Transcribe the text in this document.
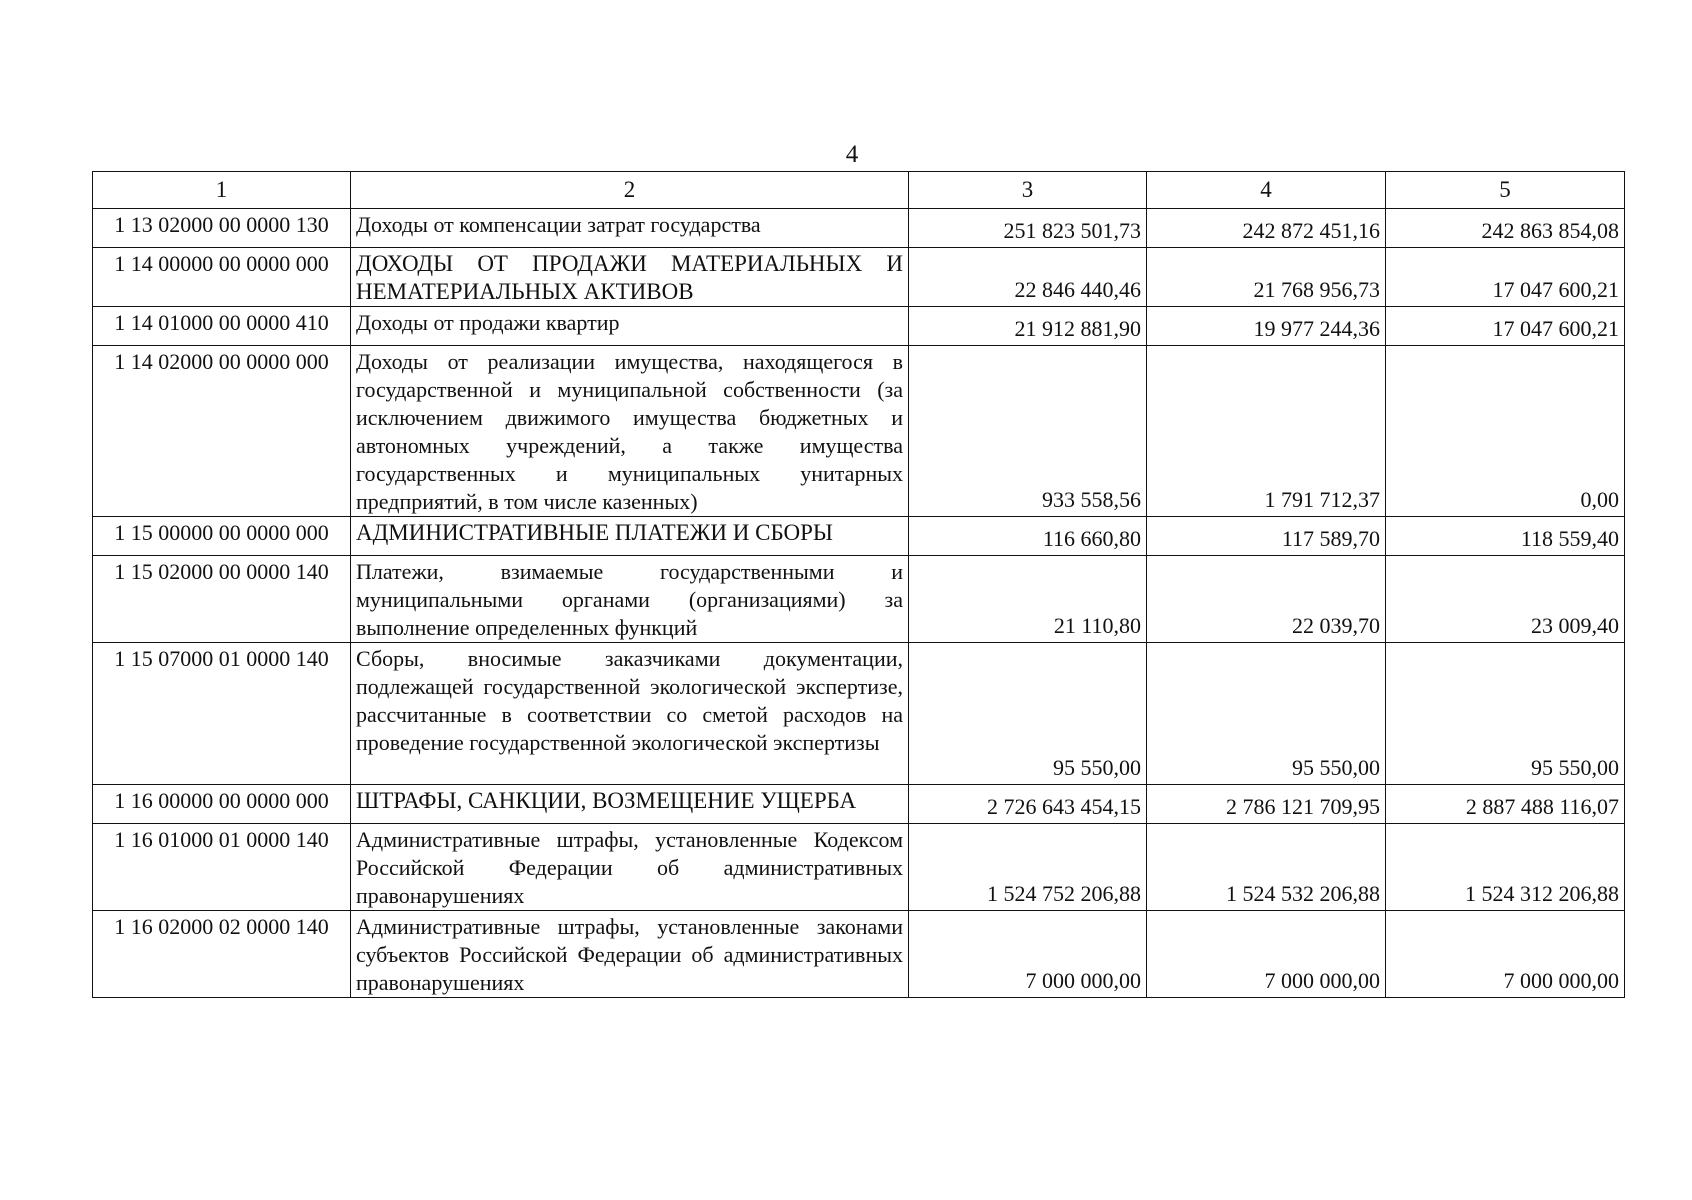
4
1	2	3	4	5
1 13 02000 00 0000 130	Доходы от компенсации затрат государства	251 823 501,73	242 872 451,16	242 863 854,08
1 14 00000 00 0000 000	ДОХОДЫ ОТ ПРОДАЖИ МАТЕРИАЛЬНЫХ И НЕМАТЕРИАЛЬНЫХ АКТИВОВ	22 846 440,46	21 768 956,73	17 047 600,21
1 14 01000 00 0000 410	Доходы от продажи квартир	21 912 881,90	19 977 244,36	17 047 600,21
1 14 02000 00 0000 000	Доходы от реализации имущества, находящегося в государственной и муниципальной собственности (за исключением движимого имущества бюджетных и автономных учреждений, а также имущества государственных и муниципальных унитарных предприятий, в том числе казенных)	933 558,56	1 791 712,37	0,00
1 15 00000 00 0000 000	АДМИНИСТРАТИВНЫЕ ПЛАТЕЖИ И СБОРЫ	116 660,80	117 589,70	118 559,40
1 15 02000 00 0000 140	Платежи, взимаемые государственными и муниципальными органами (организациями) за выполнение определенных функций	21 110,80	22 039,70	23 009,40
1 15 07000 01 0000 140	Сборы, вносимые заказчиками документации, подлежащей государственной экологической экспертизе, рассчитанные в соответствии со сметой расходов на проведение государственной экологической экспертизы	95 550,00	95 550,00	95 550,00
1 16 00000 00 0000 000	ШТРАФЫ, САНКЦИИ, ВОЗМЕЩЕНИЕ УЩЕРБА	2 726 643 454,15	2 786 121 709,95	2 887 488 116,07
1 16 01000 01 0000 140	Административные штрафы, установленные Кодексом Российской Федерации об административных правонарушениях	1 524 752 206,88	1 524 532 206,88	1 524 312 206,88
1 16 02000 02 0000 140	Административные штрафы, установленные законами субъектов Российской Федерации об административных правонарушениях	7 000 000,00	7 000 000,00	7 000 000,00
